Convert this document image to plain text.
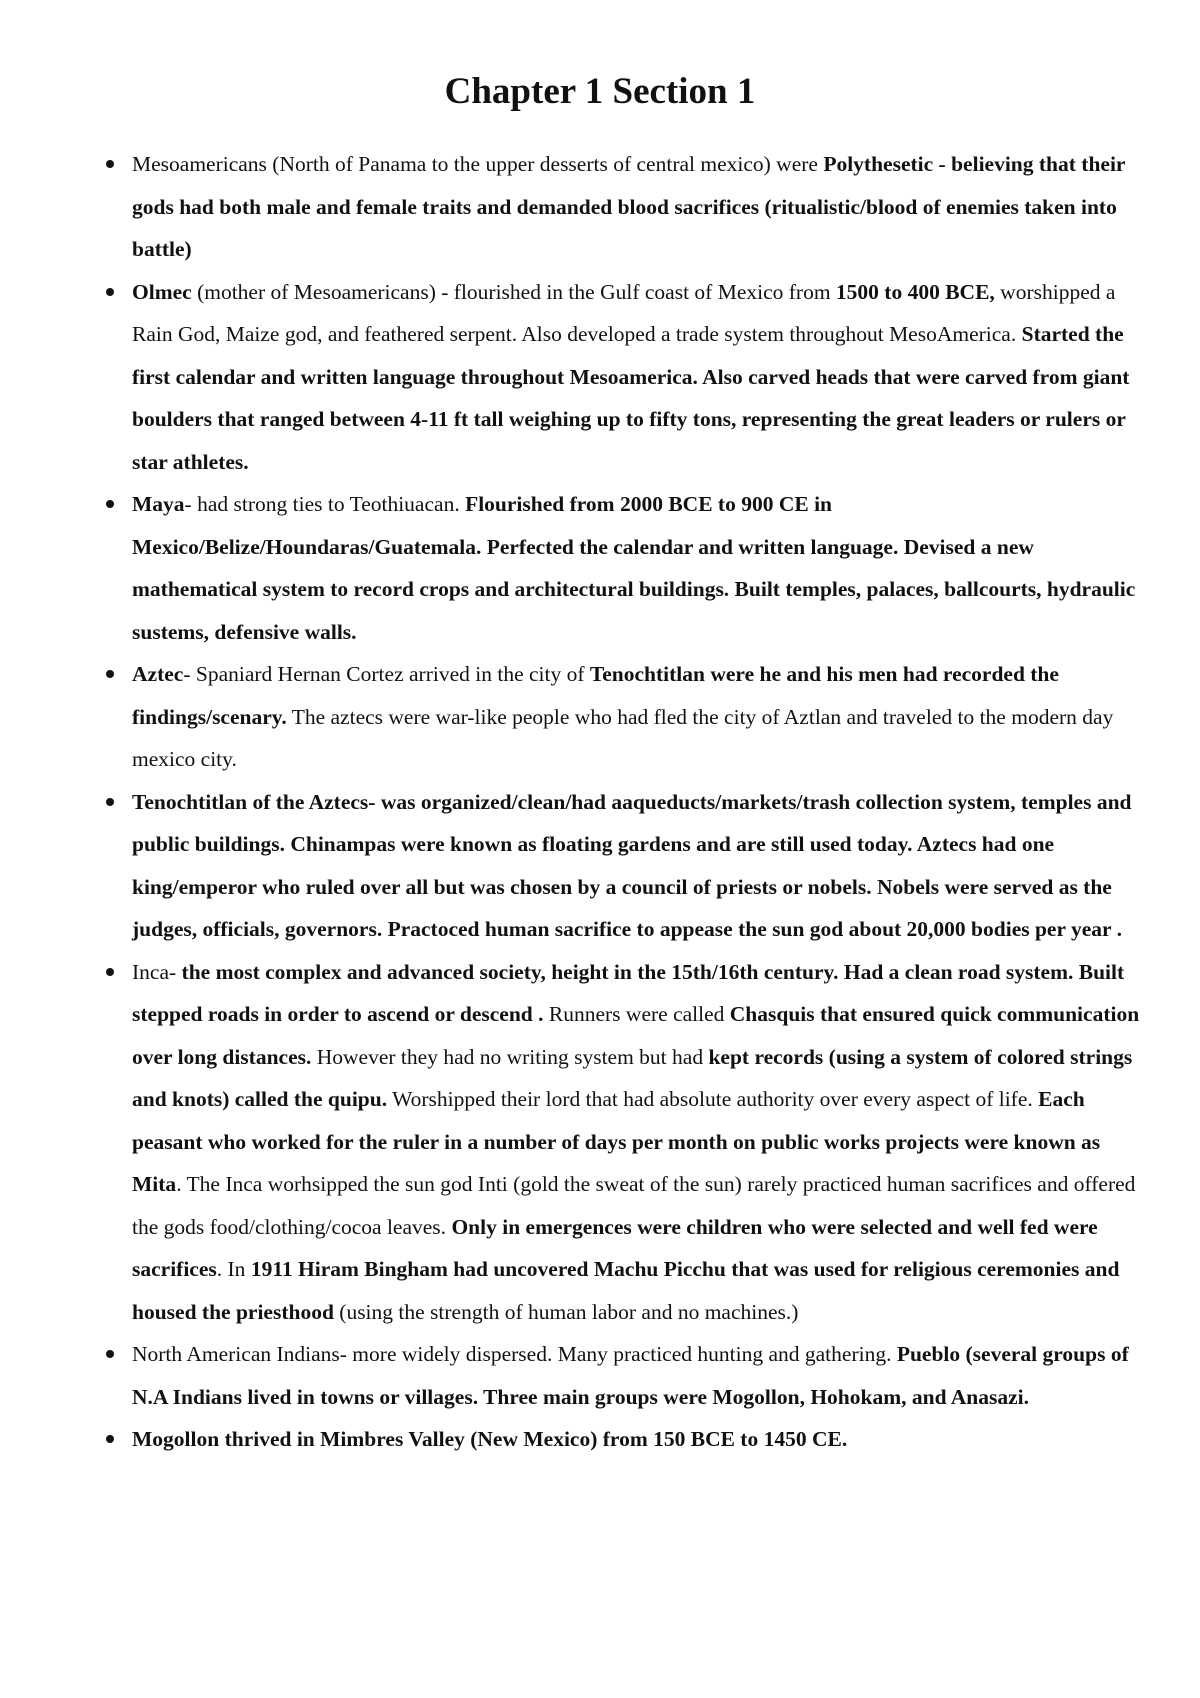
Chapter 1 Section 1
Mesoamericans (North of Panama to the upper desserts of central mexico) were Polythesetic - believing that their gods had both male and female traits and demanded blood sacrifices (ritualistic/blood of enemies taken into battle)
Olmec (mother of Mesoamericans) - flourished in the Gulf coast of Mexico from 1500 to 400 BCE, worshipped a Rain God, Maize god, and feathered serpent. Also developed a trade system throughout MesoAmerica. Started the first calendar and written language throughout Mesoamerica. Also carved heads that were carved from giant boulders that ranged between 4-11 ft tall weighing up to fifty tons, representing the great leaders or rulers or star athletes.
Maya- had strong ties to Teothiuacan. Flourished from 2000 BCE to 900 CE in Mexico/Belize/Houndaras/Guatemala. Perfected the calendar and written language. Devised a new mathematical system to record crops and architectural buildings. Built temples, palaces, ballcourts, hydraulic sustems, defensive walls.
Aztec- Spaniard Hernan Cortez arrived in the city of Tenochtitlan were he and his men had recorded the findings/scenary. The aztecs were war-like people who had fled the city of Aztlan and traveled to the modern day mexico city.
Tenochtitlan of the Aztecs- was organized/clean/had aaqueducts/markets/trash collection system, temples and public buildings. Chinampas were known as floating gardens and are still used today. Aztecs had one king/emperor who ruled over all but was chosen by a council of priests or nobels. Nobels were served as the judges, officials, governors. Practoced human sacrifice to appease the sun god about 20,000 bodies per year .
Inca- the most complex and advanced society, height in the 15th/16th century. Had a clean road system. Built stepped roads in order to ascend or descend . Runners were called Chasquis that ensured quick communication over long distances. However they had no writing system but had kept records (using a system of colored strings and knots) called the quipu. Worshipped their lord that had absolute authority over every aspect of life. Each peasant who worked for the ruler in a number of days per month on public works projects were known as Mita. The Inca worhsipped the sun god Inti (gold the sweat of the sun) rarely practiced human sacrifices and offered the gods food/clothing/cocoa leaves. Only in emergences were children who were selected and well fed were sacrifices. In 1911 Hiram Bingham had uncovered Machu Picchu that was used for religious ceremonies and housed the priesthood (using the strength of human labor and no machines.)
North American Indians- more widely dispersed. Many practiced hunting and gathering. Pueblo (several groups of N.A Indians lived in towns or villages. Three main groups were Mogollon, Hohokam, and Anasazi.
Mogollon thrived in Mimbres Valley (New Mexico) from 150 BCE to 1450 CE.
